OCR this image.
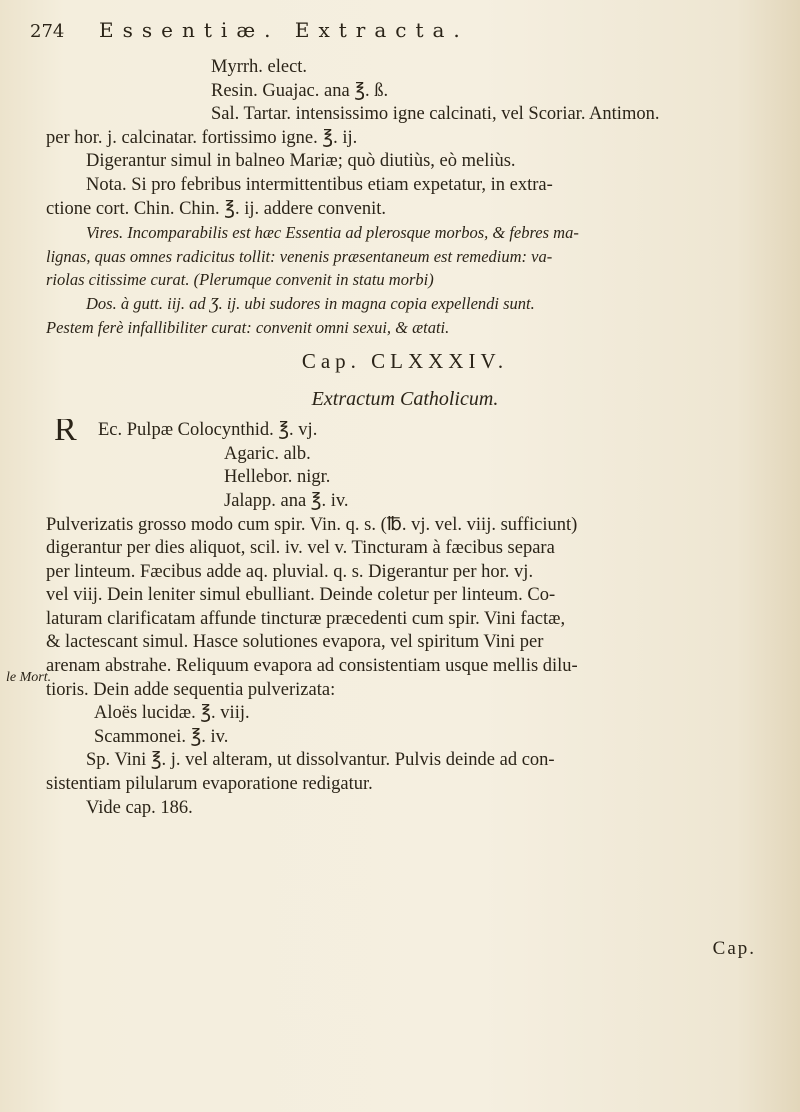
274 Essentiæ. Extracta.
Myrrh. elect.
Resin. Guajac. ana ℥. ß.
Sal. Tartar. intensissimo igne calcinati, vel Scoriar. Antimon.
per hor. j. calcinatar. fortissimo igne. ℥. ij.
Digerantur simul in balneo Mariæ; quò diutiùs, eò meliùs.
Nota. Si pro febribus intermittentibus etiam expetatur, in extra-
ctione cort. Chin. Chin. ℥. ij. addere convenit.
Vires. Incomparabilis est hæc Essentia ad plerosque morbos, & febres ma-
lignas, quas omnes radicitus tollit: venenis præsentaneum est remedium: va-
riolas citissime curat. (Plerumque convenit in statu morbi)
Dos. à gutt. iij. ad Ʒ. ij. ubi sudores in magna copia expellendi sunt.
Pestem ferè infallibiliter curat: convenit omni sexui, & ætati.
Cap. CLXXXIV.
Extractum Catholicum.
R Ec. Pulpæ Colocynthid. ℥. vj.
Agaric. alb.
Hellebor. nigr.
Jalapp. ana ℥. iv.
Pulverizatis grosso modo cum spir. Vin. q. s. (℔. vj. vel. viij. sufficiunt)
digerantur per dies aliquot, scil. iv. vel v. Tincturam à fæcibus separa
per linteum. Fæcibus adde aq. pluvial. q. s. Digerantur per hor. vj.
vel viij. Dein leniter simul ebulliant. Deinde coletur per linteum. Co-
laturam clarificatam affunde tincturæ præcedenti cum spir. Vini factæ,
& lactescant simul. Hasce solutiones evapora, vel spiritum Vini per
arenam abstrahe. Reliquum evapora ad consistentiam usque mellis dilu-
tioris. Dein adde sequentia pulverizata:
Aloës lucidæ. ℥. viij.
Scammonei. ℥. iv.
Sp. Vini ℥. j. vel alteram, ut dissolvantur. Pulvis deinde ad con-
sistentiam pilularum evaporatione redigatur.
Vide cap. 186.
le Mort.
Cap.
